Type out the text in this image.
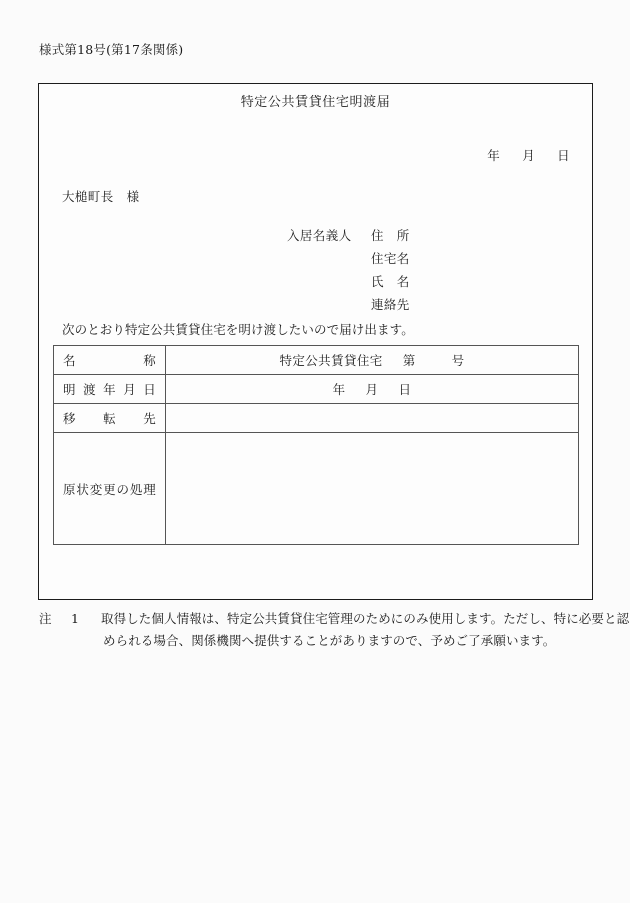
様式第18号(第17条関係)
特定公共賃貸住宅明渡届
年 月 日
大槌町長 様
入居名義人	住　所
住宅名
氏　名
連絡先
次のとおり特定公共賃貸住宅を明け渡したいので届け出ます。
名称	特定公共賃貸住宅 第 号

明渡年月日	年 月 日

移転先	

原状変更の処理	

注 1 取得した個人情報は、特定公共賃貸住宅管理のためにのみ使用します。ただし、特に必要と認
められる場合、関係機関へ提供することがありますので、予めご了承願います。
